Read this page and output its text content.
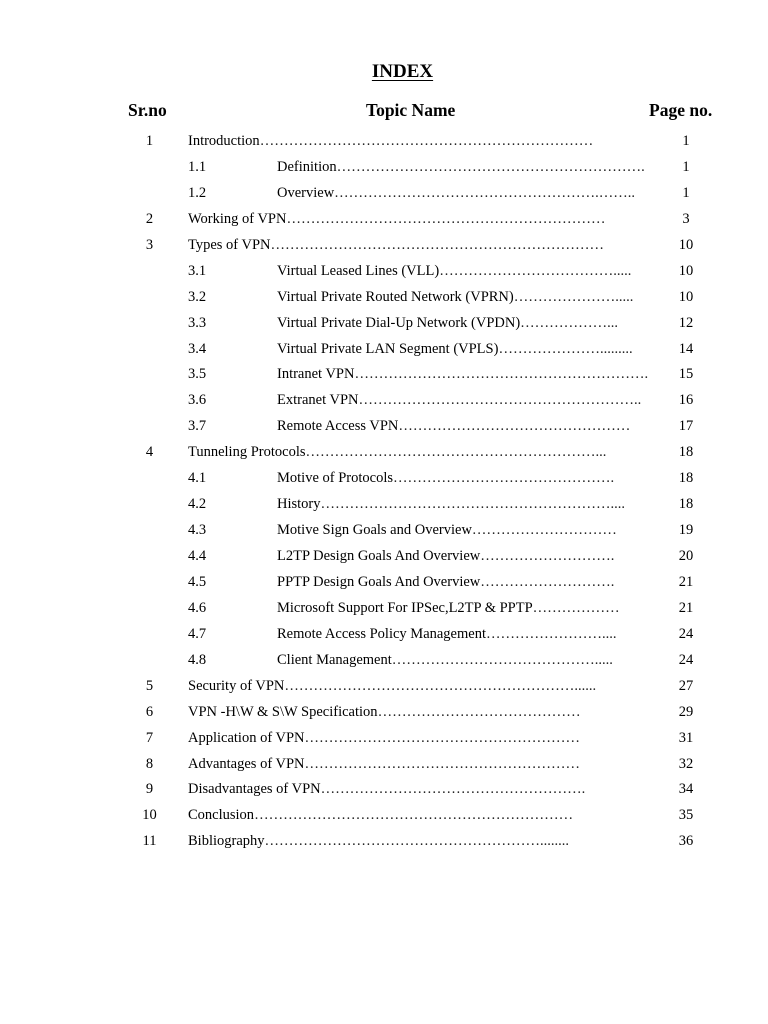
INDEX
Sr.no	Topic Name	Page no.
1	Introduction……………………………………………………………	1
1.1	Definition……………………………………………………….	1
1.2	Overview……………………………………………….……..	1
2	Working of VPN…………………………………………………………	3
3	Types of VPN……………………………………………………………	10
3.1	Virtual Leased Lines (VLL)……………………………….....	10
3.2	Virtual Private Routed Network (VPRN)………………….....	10
3.3	Virtual Private Dial-Up Network (VPDN)………………...	12
3.4	Virtual Private LAN Segment (VPLS)………………….........	14
3.5	Intranet VPN…………………………………………………….	15
3.6	Extranet VPN…………………………………………………..	16
3.7	Remote Access VPN…………………………………………	17
4	Tunneling Protocols……………………………………………………...	18
4.1	Motive of Protocols……………………………………….	18
4.2	History……………………………………………………....	18
4.3	Motive Sign Goals and Overview…………………………	19
4.4	L2TP Design Goals And Overview……………………….	20
4.5	PPTP Design Goals And Overview……………………….	21
4.6	Microsoft Support For IPSec,L2TP & PPTP………………	21
4.7	Remote Access Policy Management……………………....	24
4.8	Client Management…………………………………….....	24
5	Security of VPN……………………………………………………......	27
6	VPN -H\W & S\W Specification……………………………………	29
7	Application of VPN…………………………………………………	31
8	Advantages of VPN…………………………………………………	32
9	Disadvantages of VPN……………………………………………….	34
10	Conclusion…………………………………………………………	35
11	Bibliography…………………………………………………........	36
